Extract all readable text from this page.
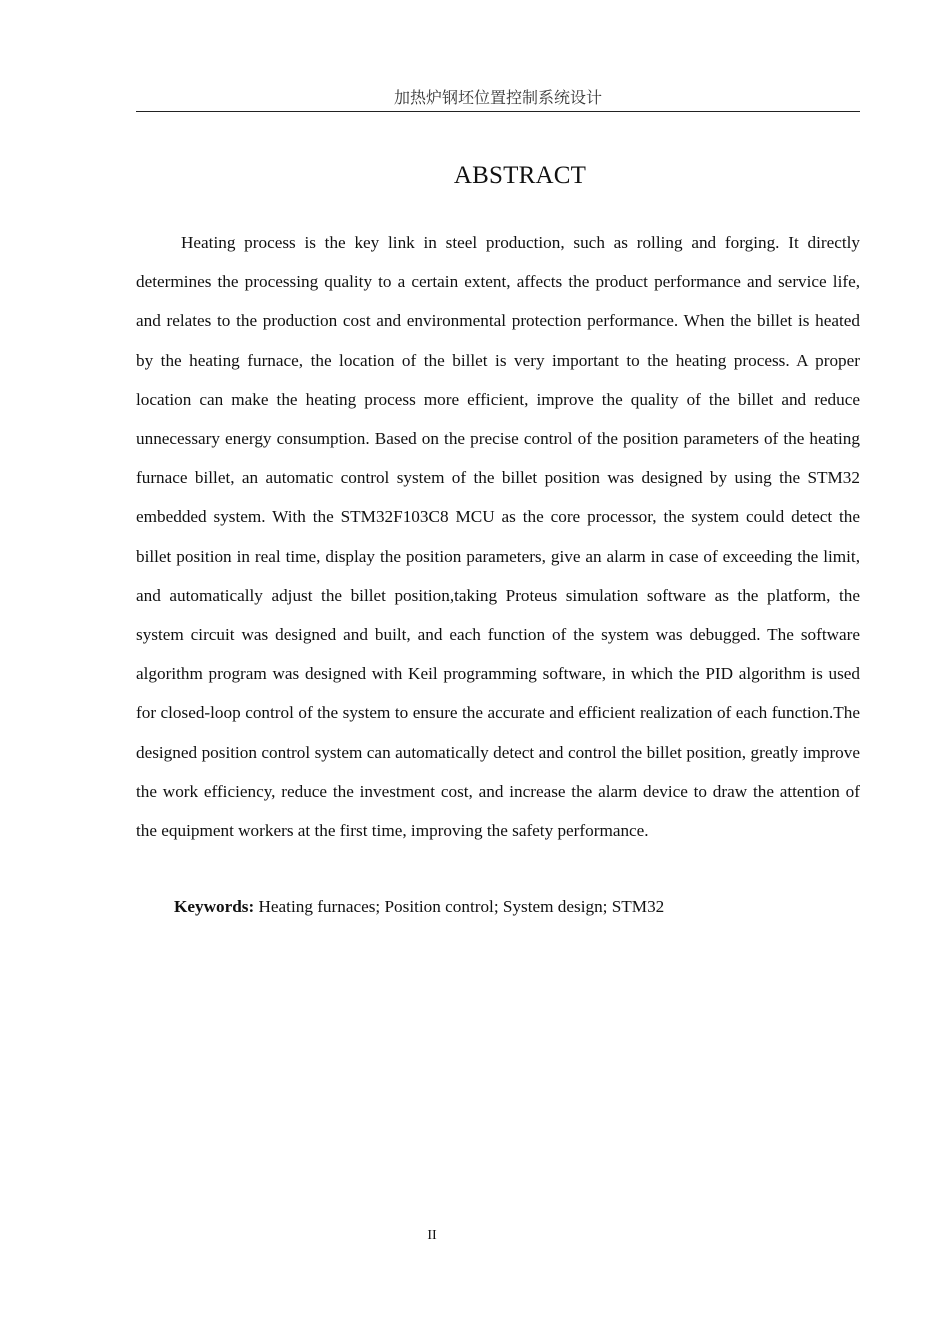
加热炉钢坯位置控制系统设计
ABSTRACT

Heating process is the key link in steel production, such as rolling and forging. It directly determines the processing quality to a certain extent, affects the product performance and service life, and relates to the production cost and environmental protection performance. When the billet is heated by the heating furnace, the location of the billet is very important to the heating process. A proper location can make the heating process more efficient, improve the quality of the billet and reduce unnecessary energy consumption. Based on the precise control of the position parameters of the heating furnace billet, an automatic control system of the billet position was designed by using the STM32 embedded system. With the STM32F103C8 MCU as the core processor, the system could detect the billet position in real time, display the position parameters, give an alarm in case of exceeding the limit, and automatically adjust the billet position,taking Proteus simulation software as the platform, the system circuit was designed and built, and each function of the system was debugged. The software algorithm program was designed with Keil programming software, in which the PID algorithm is used for closed-loop control of the system to ensure the accurate and efficient realization of each function.The designed position control system can automatically detect and control the billet position, greatly improve the work efficiency, reduce the investment cost, and increase the alarm device to draw the attention of the equipment workers at the first time, improving the safety performance.

Keywords: Heating furnaces; Position control; System design; STM32

II
